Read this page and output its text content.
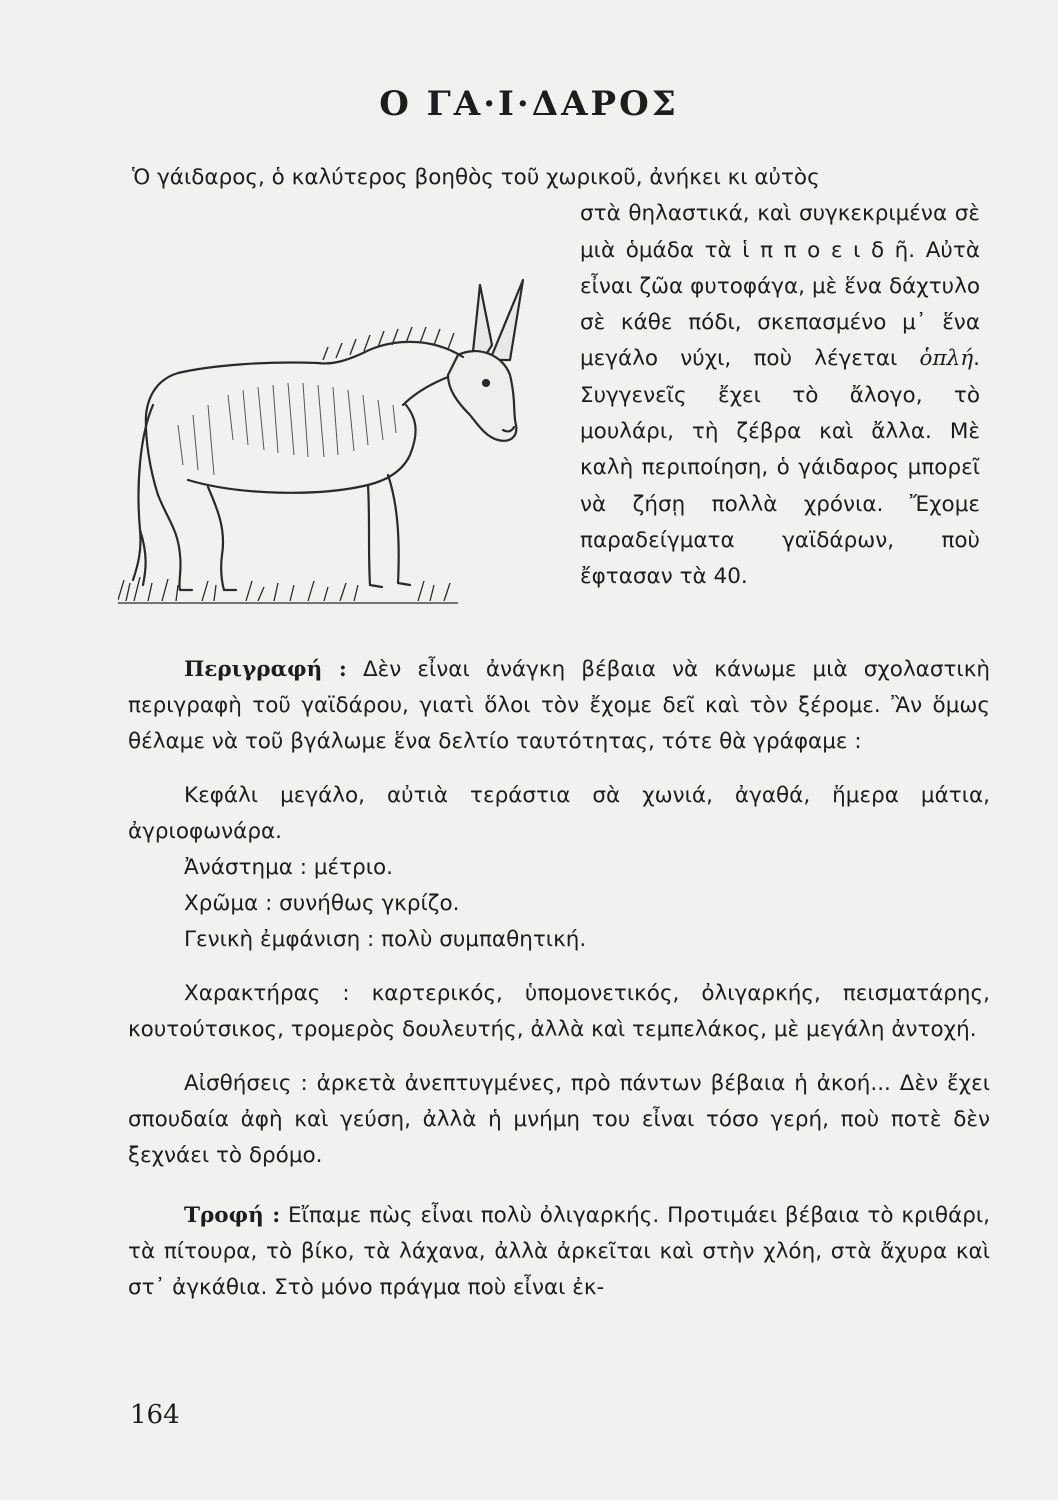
Ο ΓΑ·Ι·ΔΑΡΟΣ
Ὁ γάιδαρος, ὁ καλύτερος βοηθὸς τοῦ χωρικοῦ, ἀνήκει κι αὐτὸς
στὰ θηλαστικά, καὶ συγκεκριμένα σὲ μιὰ ὁμάδα τὰ ἱ π π ο ε ι δ ῆ. Αὐτὰ εἶναι ζῶα φυτοφάγα, μὲ ἕνα δάχτυλο σὲ κάθε πόδι, σκεπασμένο μ᾿ ἕνα μεγάλο νύχι, ποὺ λέγεται ὁπλή. Συγγενεῖς ἔχει τὸ ἄλογο, τὸ μουλάρι, τὴ ζέβρα καὶ ἄλλα. Μὲ καλὴ περιποίηση, ὁ γάιδαρος μπορεῖ νὰ ζήσῃ πολλὰ χρόνια. Ἔχομε παραδείγματα γαϊδάρων, ποὺ ἔφτασαν τὰ 40.

Περιγραφή : Δὲν εἶναι ἀνάγκη βέβαια νὰ κάνωμε μιὰ σχολαστικὴ περιγραφὴ τοῦ γαϊδάρου, γιατὶ ὅλοι τὸν ἔχομε δεῖ καὶ τὸν ξέρομε. Ἂν ὅμως θέλαμε νὰ τοῦ βγάλωμε ἕνα δελτίο ταυτότητας, τότε θὰ γράφαμε :

Κεφάλι μεγάλο, αὐτιὰ τεράστια σὰ χωνιά, ἀγαθά, ἥμερα μάτια, ἀγριοφωνάρα.

Ἀνάστημα : μέτριο.

Χρῶμα : συνήθως γκρίζο.

Γενικὴ ἐμφάνιση : πολὺ συμπαθητική.

Χαρακτήρας : καρτερικός, ὑπομονετικός, ὀλιγαρκής, πεισματάρης, κουτούτσικος, τρομερὸς δουλευτής, ἀλλὰ καὶ τεμπελάκος, μὲ μεγάλη ἀντοχή.

Αἰσθήσεις : ἀρκετὰ ἀνεπτυγμένες, πρὸ πάντων βέβαια ἡ ἀκοή... Δὲν ἔχει σπουδαία ἀφὴ καὶ γεύση, ἀλλὰ ἡ μνήμη του εἶναι τόσο γερή, ποὺ ποτὲ δὲν ξεχνάει τὸ δρόμο.

Τροφή : Εἴπαμε πὼς εἶναι πολὺ ὀλιγαρκής. Προτιμάει βέβαια τὸ κριθάρι, τὰ πίτουρα, τὸ βίκο, τὰ λάχανα, ἀλλὰ ἀρκεῖται καὶ στὴν χλόη, στὰ ἄχυρα καὶ στ᾿ ἀγκάθια. Στὸ μόνο πράγμα ποὺ εἶναι ἐκ-

164
